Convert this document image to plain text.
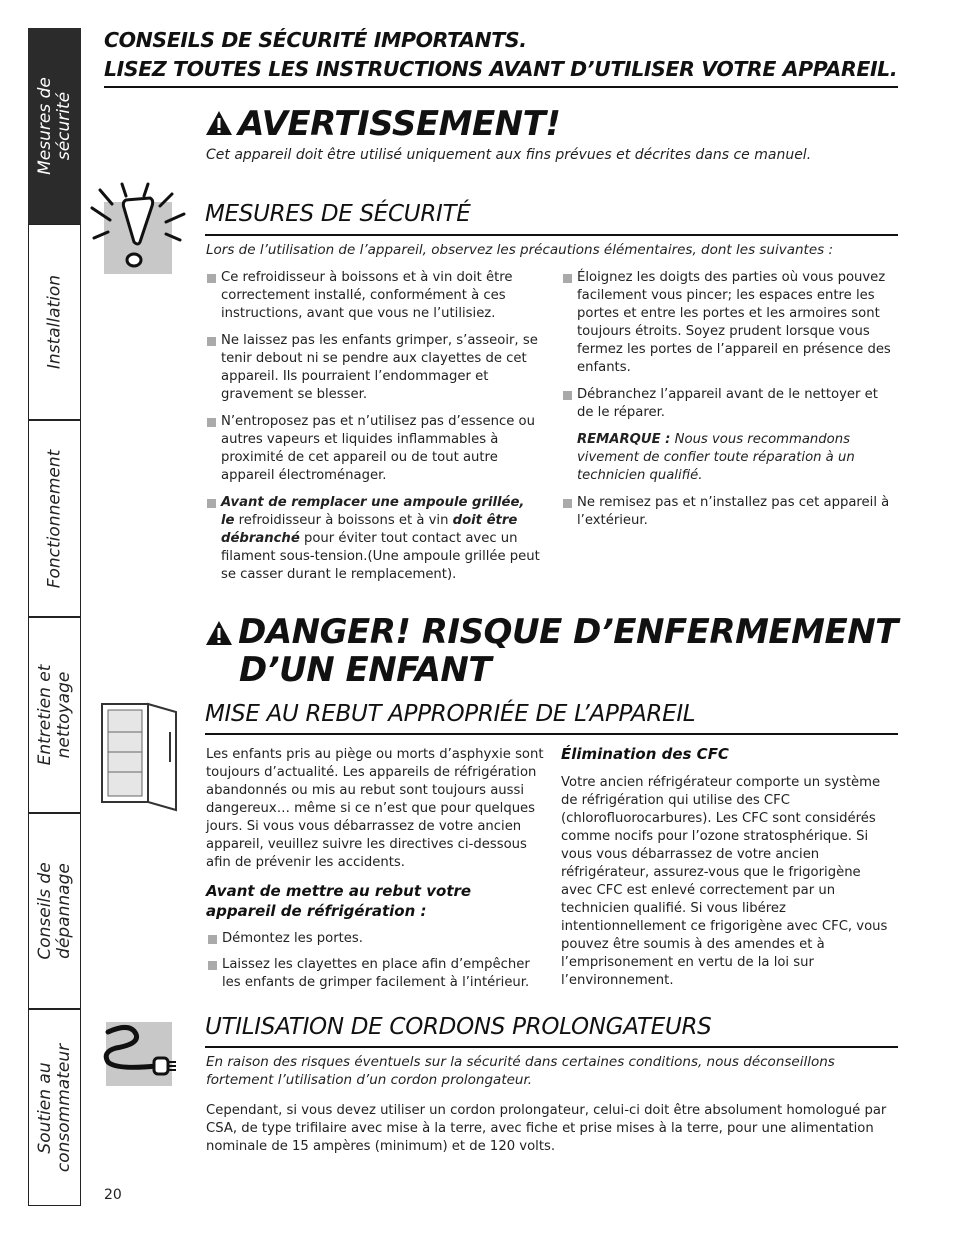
Mesures de
sécurité
Installation
Fonctionnement
Entretien et
nettoyage
Conseils de
dépannage
Soutien au
consommateur
CONSEILS DE SÉCURITÉ IMPORTANTS.
LISEZ TOUTES LES INSTRUCTIONS AVANT D’UTILISER VOTRE APPAREIL.
AVERTISSEMENT!
Cet appareil doit être utilisé uniquement aux fins prévues et décrites dans ce manuel.
MESURES DE SÉCURITÉ
Lors de l’utilisation de l’appareil, observez les précautions élémentaires, dont les suivantes :

Ce refroidisseur à boissons et à vin doit être correctement installé, conformément à ces instructions, avant que vous ne l’utilisiez.

Ne laissez pas les enfants grimper, s’asseoir, se tenir debout ni se pendre aux clayettes de cet appareil. Ils pourraient l’endommager et gravement se blesser.

N’entroposez pas et n’utilisez pas d’essence ou autres vapeurs et liquides inflammables à proximité de cet appareil ou de tout autre appareil électroménager.

Avant de remplacer une ampoule grillée, le refroidisseur à boissons et à vin doit être débranché pour éviter tout contact avec un filament sous-tension.(Une ampoule grillée peut se casser durant le remplacement).

Éloignez les doigts des parties où vous pouvez facilement vous pincer; les espaces entre les portes et entre les portes et les armoires sont toujours étroits. Soyez prudent lorsque vous fermez les portes de l’appareil en présence des enfants.

Débranchez l’appareil avant de le nettoyer et de le réparer.

REMARQUE : Nous vous recommandons vivement de confier toute réparation à un technicien qualifié.

Ne remisez pas et n’installez pas cet appareil à l’extérieur.

DANGER! RISQUE D’ENFERMEMENT
D’UN ENFANT
MISE AU REBUT APPROPRIÉE DE L’APPAREIL

Les enfants pris au piège ou morts d’asphyxie sont toujours d’actualité. Les appareils de réfrigération abandonnés ou mis au rebut sont toujours aussi dangereux… même si ce n’est que pour quelques jours. Si vous vous débarrassez de votre ancien appareil, veuillez suivre les directives ci-dessous afin de prévenir les accidents.

Avant de mettre au rebut votre appareil de réfrigération :

Démontez les portes.

Laissez les clayettes en place afin d’empêcher les enfants de grimper facilement à l’intérieur.

Élimination des CFC

Votre ancien réfrigérateur comporte un système de réfrigération qui utilise des CFC (chlorofluorocarbures). Les CFC sont considérés comme nocifs pour l’ozone stratosphérique. Si vous vous débarrassez de votre ancien réfrigérateur, assurez-vous que le frigorigène avec CFC est enlevé correctement par un technicien qualifié. Si vous libérez intentionnellement ce frigorigène avec CFC, vous pouvez être soumis à des amendes et à l’emprisonement en vertu de la loi sur l’environnement.

UTILISATION DE CORDONS PROLONGATEURS
En raison des risques éventuels sur la sécurité dans certaines conditions, nous déconseillons fortement l’utilisation d’un cordon prolongateur.
Cependant, si vous devez utiliser un cordon prolongateur, celui-ci doit être absolument homologué par CSA, de type trifilaire avec mise à la terre, avec fiche et prise mises à la terre, pour une alimentation nominale de 15 ampères (minimum) et de 120 volts.
20
